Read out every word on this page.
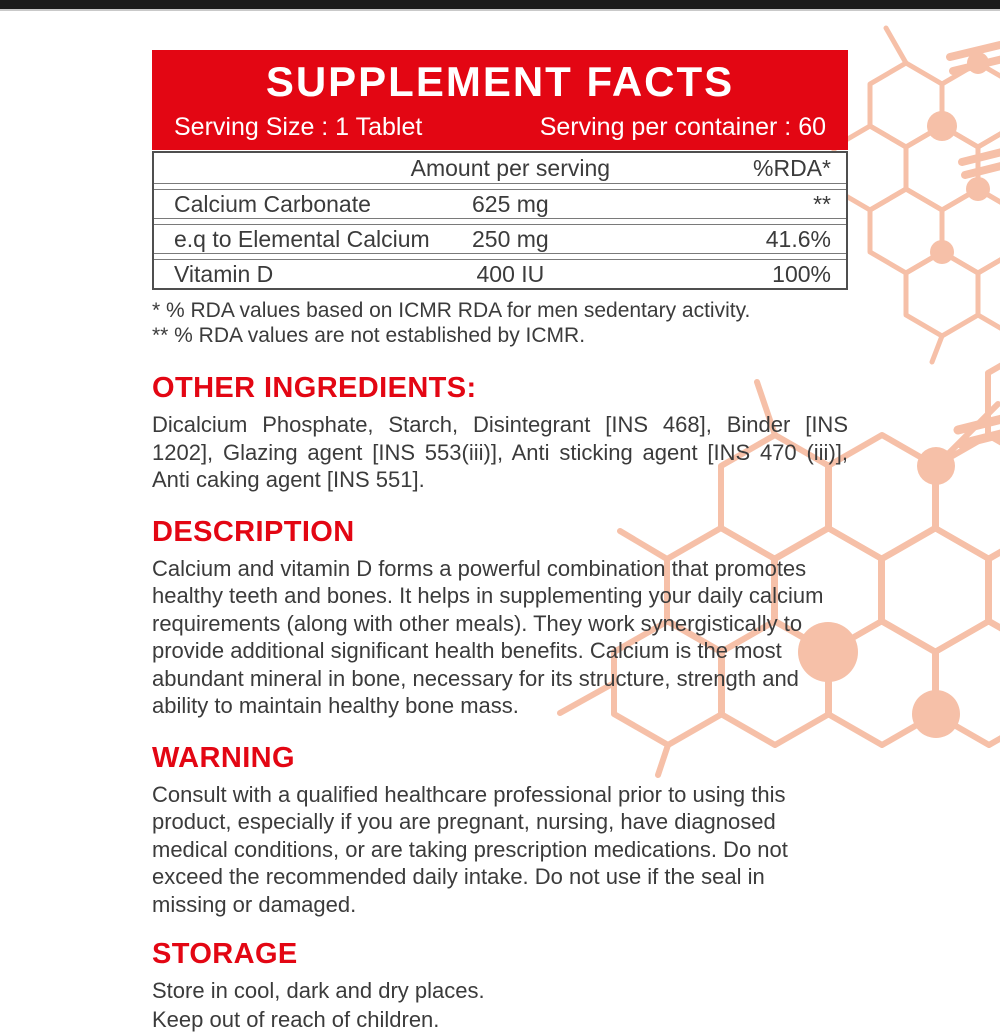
SUPPLEMENT FACTS
Serving Size : 1 Tablet	Serving per container : 60
Amount per serving	%RDA*
Calcium Carbonate	625 mg	**
e.q to Elemental Calcium	250 mg	41.6%
Vitamin D	400 IU	100%
* % RDA values based on ICMR RDA for men sedentary activity.
** % RDA values are not established by ICMR.
OTHER INGREDIENTS:

Dicalcium Phosphate, Starch, Disintegrant [INS 468], Binder [INS 1202], Glazing agent [INS 553(iii)], Anti sticking agent [INS 470 (iii)], Anti caking agent [INS 551].

DESCRIPTION

Calcium and vitamin D forms a powerful combination that promotes healthy teeth and bones. It helps in supplementing your daily calcium requirements (along with other meals). They work synergistically to provide additional significant health benefits. Calcium is the most abundant mineral in bone, necessary for its structure, strength and ability to maintain healthy bone mass.

WARNING

Consult with a qualified healthcare professional prior to using this product, especially if you are pregnant, nursing, have diagnosed medical conditions, or are taking prescription medications. Do not exceed the recommended daily intake. Do not use if the seal in missing or damaged.

STORAGE
Store in cool, dark and dry places.
Keep out of reach of children.
